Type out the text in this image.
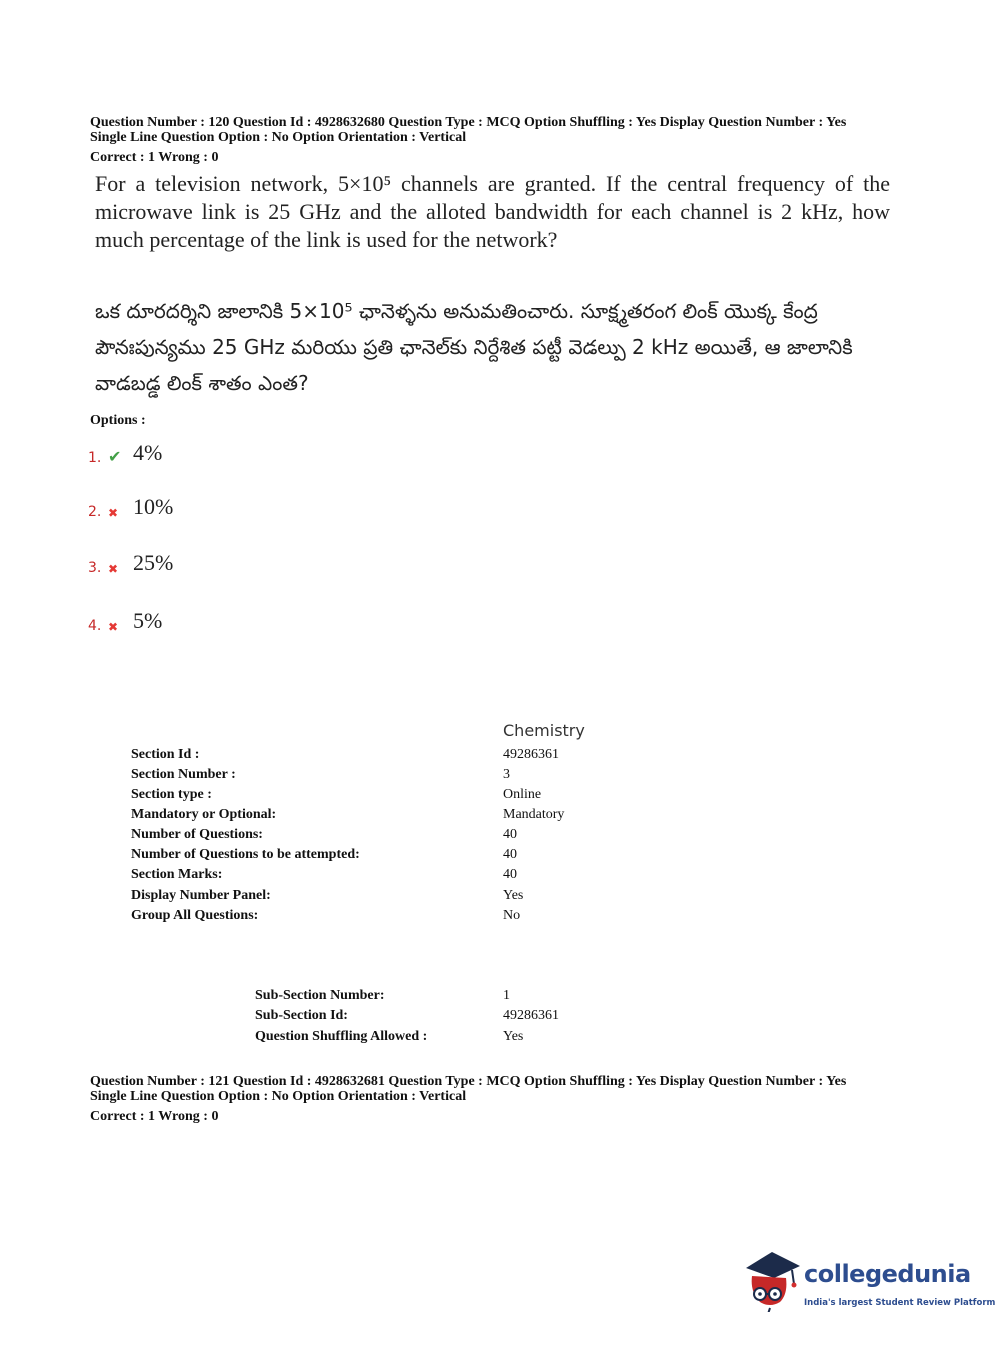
Question Number : 120 Question Id : 4928632680 Question Type : MCQ Option Shuffling : Yes Display Question Number : Yes
Single Line Question Option : No Option Orientation : Vertical
Correct : 1 Wrong : 0
For a television network, 5×10⁵ channels are granted. If the central frequency of the microwave link is 25 GHz and the alloted bandwidth for each channel is 2 kHz, how much percentage of the link is used for the network?
ఒక దూరదర్శిని జాలానికి 5×10⁵ ఛానెళ్ళను అనుమతించారు. సూక్ష్మతరంగ లింక్ యొక్క కేంద్ర పౌనఃపున్యము 25 GHz మరియు ప్రతి ఛానెల్‌కు నిర్దేశిత పట్టీ వెడల్పు 2 kHz అయితే, ఆ జాలానికి వాడబడ్డ లింక్ శాతం ఎంత?
Options :
1. ✔ 4%
2. ✖ 10%
3. ✖ 25%
4. ✖ 5%
Chemistry
Section Id :	49286361
Section Number :	3
Section type :	Online
Mandatory or Optional:	Mandatory
Number of Questions:	40
Number of Questions to be attempted:	40
Section Marks:	40
Display Number Panel:	Yes
Group All Questions:	No
Sub-Section Number:	1
Sub-Section Id:	49286361
Question Shuffling Allowed :	Yes
Question Number : 121 Question Id : 4928632681 Question Type : MCQ Option Shuffling : Yes Display Question Number : Yes
Single Line Question Option : No Option Orientation : Vertical
Correct : 1 Wrong : 0
collegedunia
India's largest Student Review Platform
